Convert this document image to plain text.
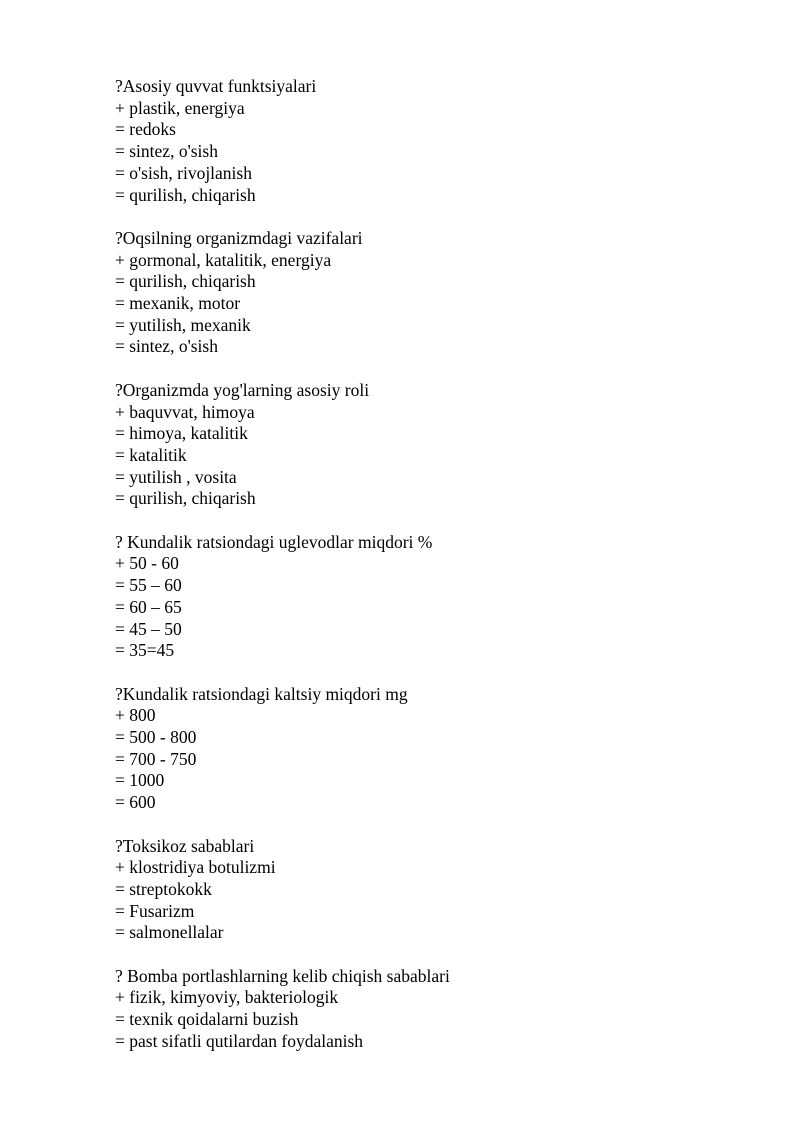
?Asosiy quvvat funktsiyalari
+ plastik, energiya
= redoks
= sintez, o'sish
= o'sish, rivojlanish
= qurilish, chiqarish
?Oqsilning organizmdagi vazifalari
+ gormonal, katalitik, energiya
= qurilish, chiqarish
= mexanik, motor
= yutilish, mexanik
= sintez, o'sish
?Organizmda yog'larning asosiy roli
+ baquvvat, himoya
= himoya, katalitik
= katalitik
= yutilish , vosita
= qurilish, chiqarish
? Kundalik ratsiondagi uglevodlar miqdori %
+ 50 - 60
= 55 – 60
= 60 – 65
= 45 – 50
= 35=45
?Kundalik ratsiondagi kaltsiy miqdori mg
+ 800
= 500 - 800
= 700 - 750
= 1000
= 600
?Toksikoz sabablari
+ klostridiya botulizmi
= streptokokk
= Fusarizm
= salmonellalar
? Bomba portlashlarning kelib chiqish sabablari
+ fizik, kimyoviy, bakteriologik
= texnik qoidalarni buzish
= past sifatli qutilardan foydalanish
